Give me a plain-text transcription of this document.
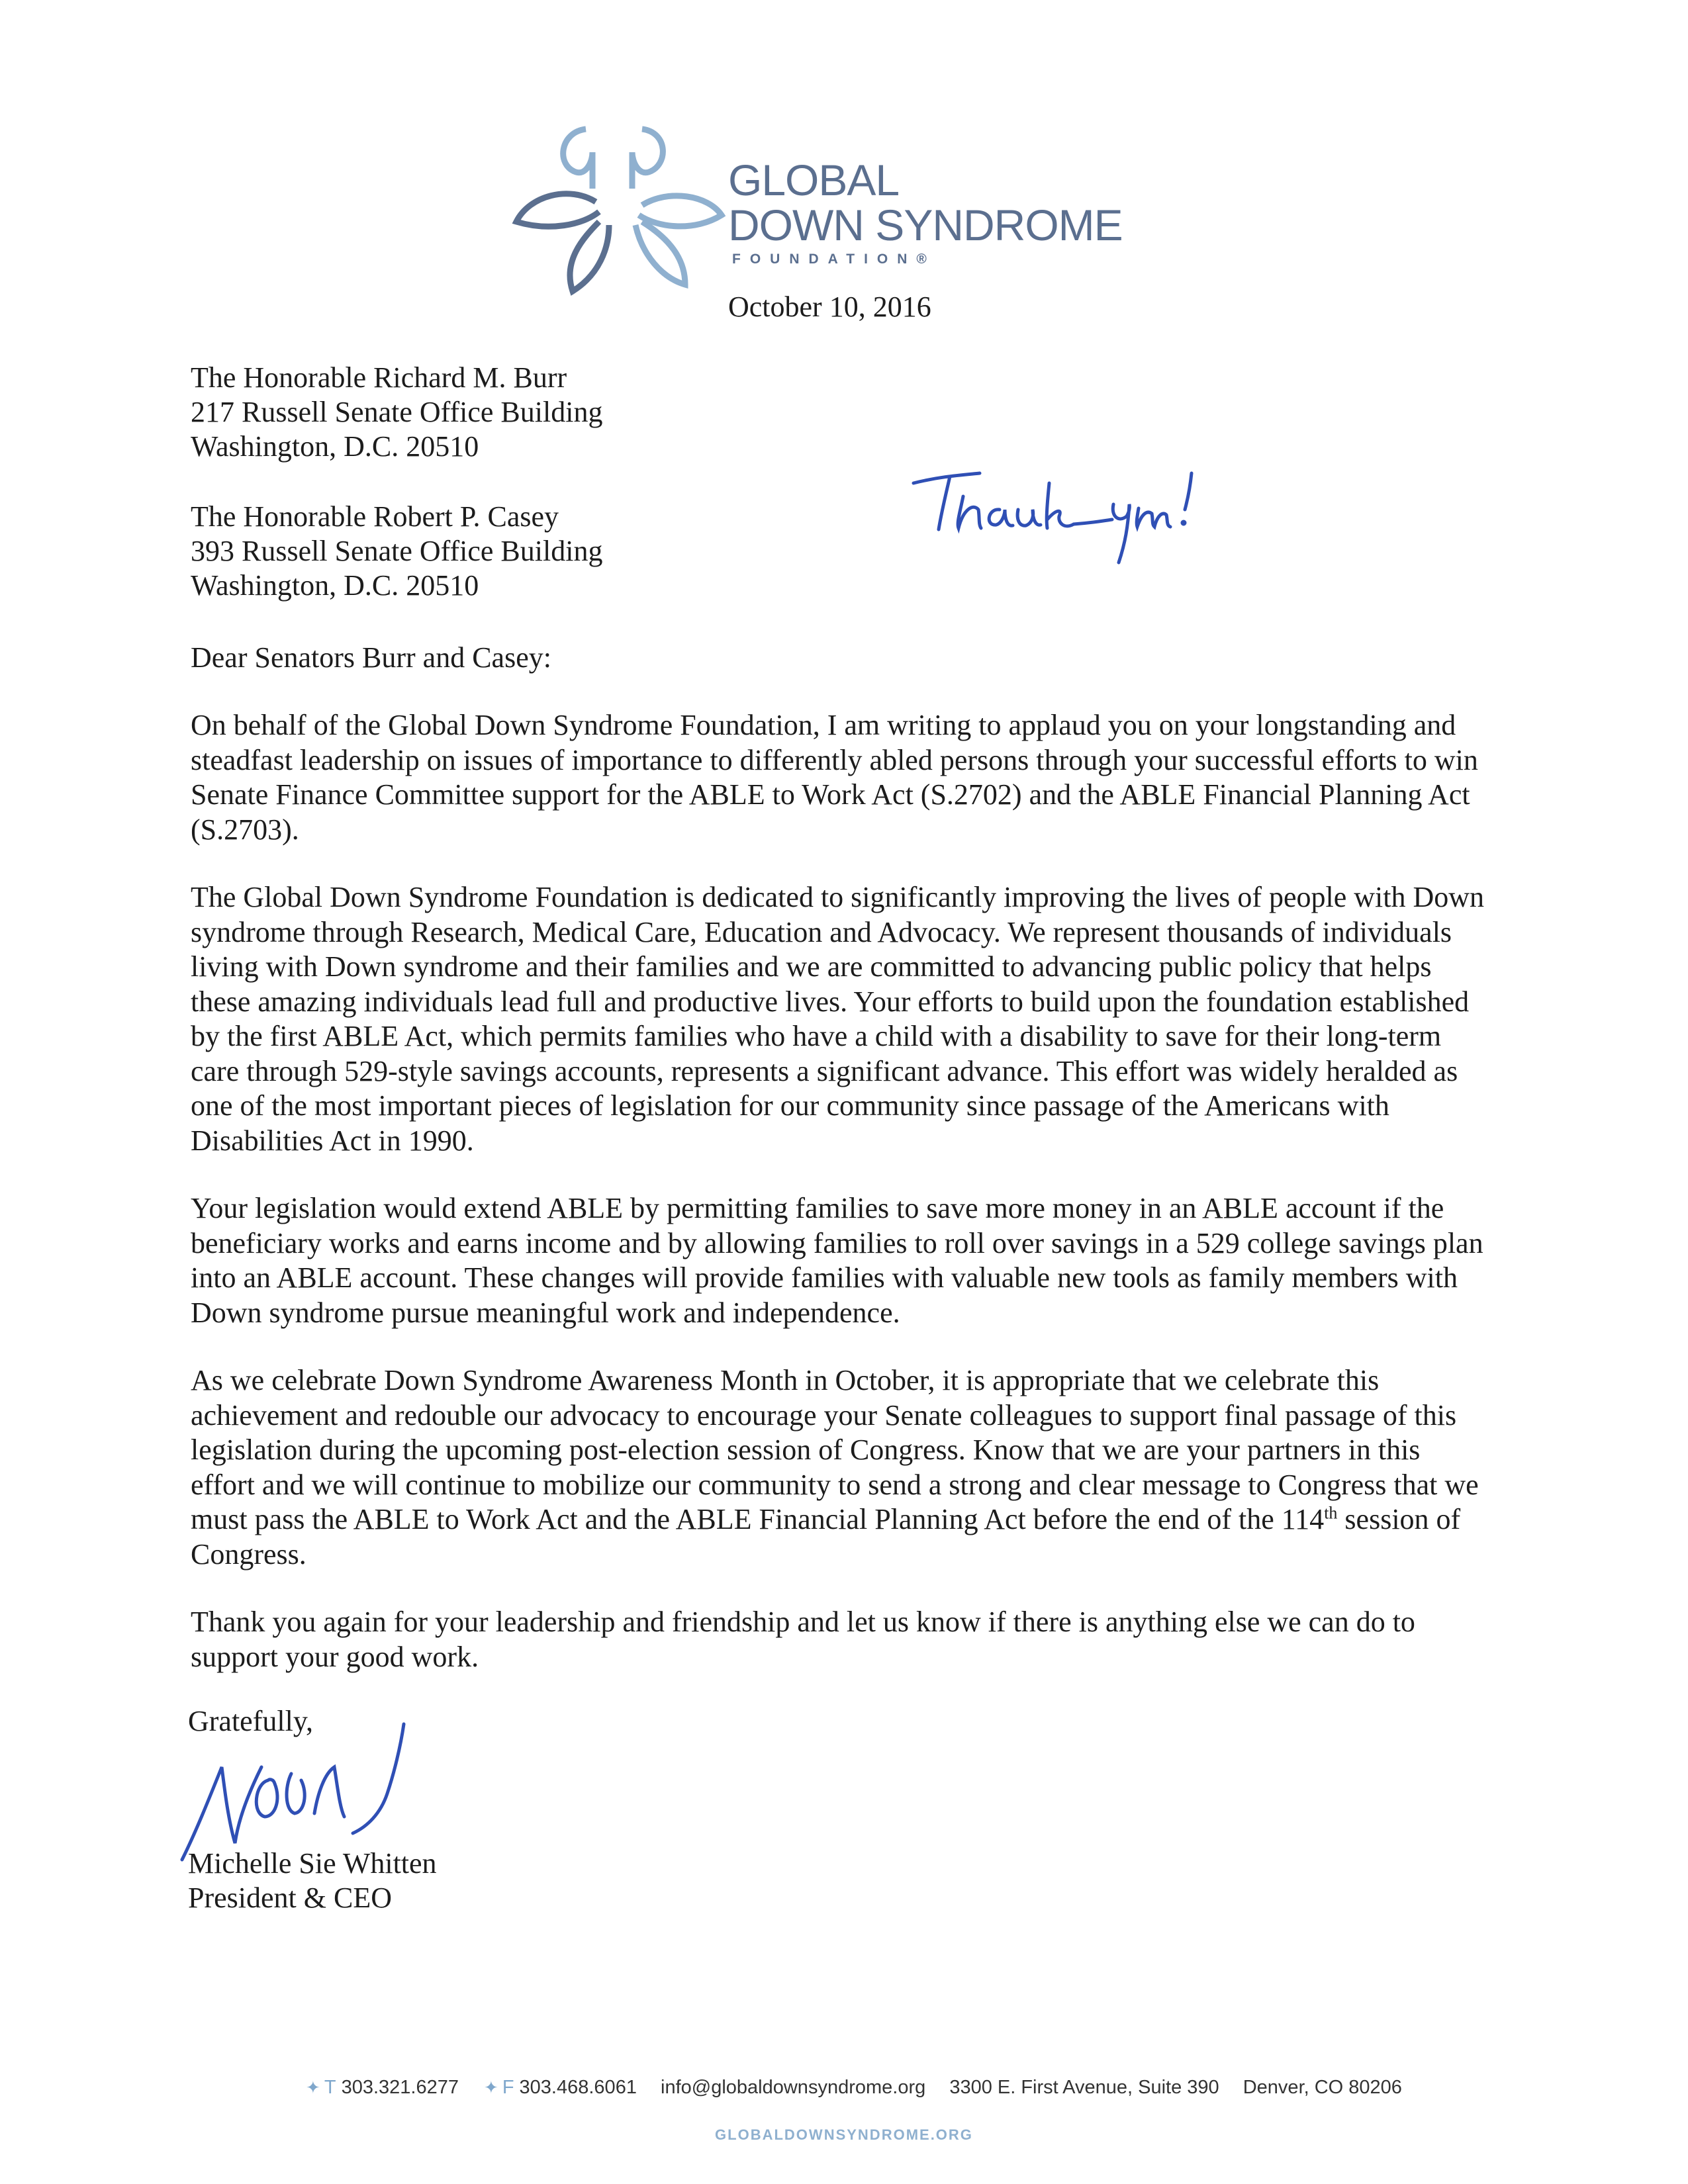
GLOBAL
DOWN SYNDROME
FOUNDATION®
October 10, 2016
The Honorable Richard M. Burr
217 Russell Senate Office Building
Washington, D.C. 20510
The Honorable Robert P. Casey
393 Russell Senate Office Building
Washington, D.C. 20510
Dear Senators Burr and Casey:

On behalf of the Global Down Syndrome Foundation, I am writing to applaud you on your longstanding and steadfast leadership on issues of importance to differently abled persons through your successful efforts to win Senate Finance Committee support for the ABLE to Work Act (S.2702) and the ABLE Financial Planning Act (S.2703).

The Global Down Syndrome Foundation is dedicated to significantly improving the lives of people with Down syndrome through Research, Medical Care, Education and Advocacy. We represent thousands of individuals living with Down syndrome and their families and we are committed to advancing public policy that helps these amazing individuals lead full and productive lives. Your efforts to build upon the foundation established by the first ABLE Act, which permits families who have a child with a disability to save for their long-term care through 529-style savings accounts, represents a significant advance. This effort was widely heralded as one of the most important pieces of legislation for our community since passage of the Americans with Disabilities Act in 1990.

Your legislation would extend ABLE by permitting families to save more money in an ABLE account if the beneficiary works and earns income and by allowing families to roll over savings in a 529 college savings plan into an ABLE account. These changes will provide families with valuable new tools as family members with Down syndrome pursue meaningful work and independence.

As we celebrate Down Syndrome Awareness Month in October, it is appropriate that we celebrate this achievement and redouble our advocacy to encourage your Senate colleagues to support final passage of this legislation during the upcoming post-election session of Congress. Know that we are your partners in this effort and we will continue to mobilize our community to send a strong and clear message to Congress that we must pass the ABLE to Work Act and the ABLE Financial Planning Act before the end of the 114th session of Congress.

Thank you again for your leadership and friendship and let us know if there is anything else we can do to support your good work.

Gratefully,
Michelle Sie Whitten
President & CEO
✦ T 303.321.6277 ✦ F 303.468.6061 info@globaldownsyndrome.org 3300 E. First Avenue, Suite 390 Denver, CO 80206
GLOBALDOWNSYNDROME.ORG
